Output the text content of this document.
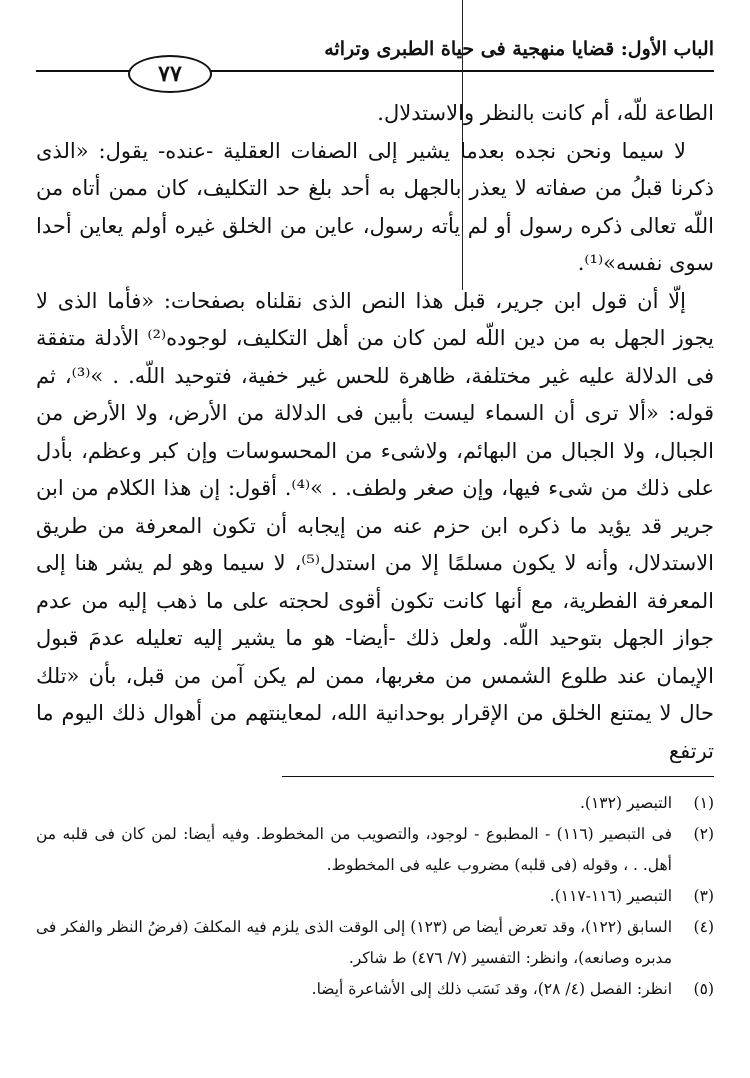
الباب الأول: قضايا منهجية فى حياة الطبرى وتراثه
٧٧

الطاعة للّه، أم كانت بالنظر والاستدلال.

لا سيما ونحن نجده بعدما يشير إلى الصفات العقلية -عنده- يقول: «الذى ذكرنا قبلُ من صفاته لا يعذر بالجهل به أحد بلغ حد التكليف، كان ممن أتاه من اللّه تعالى ذكره رسول أو لم يأته رسول، عاين من الخلق غيره أولم يعاين أحدا سوى نفسه»⁽¹⁾.

إلّا أن قول ابن جرير، قبل هذا النص الذى نقلناه بصفحات: «فأما الذى لا يجوز الجهل به من دين اللّه لمن كان من أهل التكليف، لوجوده⁽²⁾ الأدلة متفقة فى الدلالة عليه غير مختلفة، ظاهرة للحس غير خفية، فتوحيد اللّه. . »⁽³⁾، ثم قوله: «ألا ترى أن السماء ليست بأبين فى الدلالة من الأرض، ولا الأرض من الجبال، ولا الجبال من البهائم، ولاشىء من المحسوسات وإن كبر وعظم، بأدل على ذلك من شىء فيها، وإن صغر ولطف. . »⁽⁴⁾. أقول: إن هذا الكلام من ابن جرير قد يؤيد ما ذكره ابن حزم عنه من إيجابه أن تكون المعرفة من طريق الاستدلال، وأنه لا يكون مسلمًا إلا من استدل⁽⁵⁾، لا سيما وهو لم يشر هنا إلى المعرفة الفطرية، مع أنها كانت تكون أقوى لحجته على ما ذهب إليه من عدم جواز الجهل بتوحيد اللّه. ولعل ذلك -أيضا- هو ما يشير إليه تعليله عدمَ قبول الإيمان عند طلوع الشمس من مغربها، ممن لم يكن آمن من قبل، بأن «تلك حال لا يمتنع الخلق من الإقرار بوحدانية الله، لمعاينتهم من أهوال ذلك اليوم ما ترتفع

(١)
التبصير (١٣٢).
(٢)
فى التبصير (١١٦) - المطبوع - لوجود، والتصويب من المخطوط. وفيه أيضا: لمن كان فى قلبه من أهل. . ، وقوله (فى قلبه) مضروب عليه فى المخطوط.
(٣)
التبصير (١١٦-١١٧).
(٤)
السابق (١٢٢)، وقد تعرض أيضا ص (١٢٣) إلى الوقت الذى يلزم فيه المكلفَ (فرضُ النظر والفكر فى مدبره وصانعه)، وانظر: التفسير (٧/ ٤٧٦) ط شاكر.
(٥)
انظر: الفصل (٤/ ٢٨)، وقد نَسَب ذلك إلى الأشاعرة أيضا.
